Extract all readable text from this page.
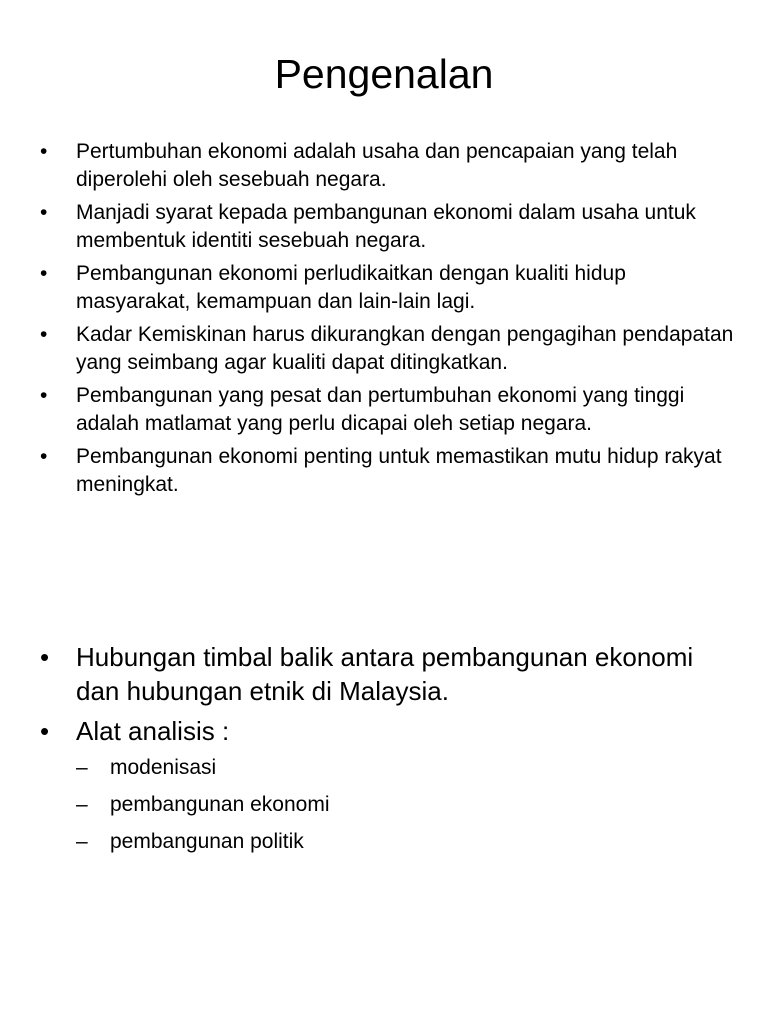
Pengenalan
• Pertumbuhan ekonomi adalah usaha dan pencapaian yang telah diperolehi oleh sesebuah negara.
• Manjadi syarat kepada pembangunan ekonomi dalam usaha untuk membentuk identiti sesebuah negara.
• Pembangunan ekonomi perludikaitkan dengan kualiti hidup masyarakat, kemampuan dan lain-lain lagi.
• Kadar Kemiskinan harus dikurangkan dengan pengagihan pendapatan yang seimbang agar kualiti dapat ditingkatkan.
• Pembangunan yang pesat dan pertumbuhan ekonomi yang tinggi adalah matlamat yang perlu dicapai oleh setiap negara.
• Pembangunan ekonomi penting untuk memastikan mutu hidup rakyat meningkat.
• Hubungan timbal balik antara pembangunan ekonomi dan hubungan etnik di Malaysia.
• Alat analisis :
– modenisasi
– pembangunan ekonomi
– pembangunan politik
